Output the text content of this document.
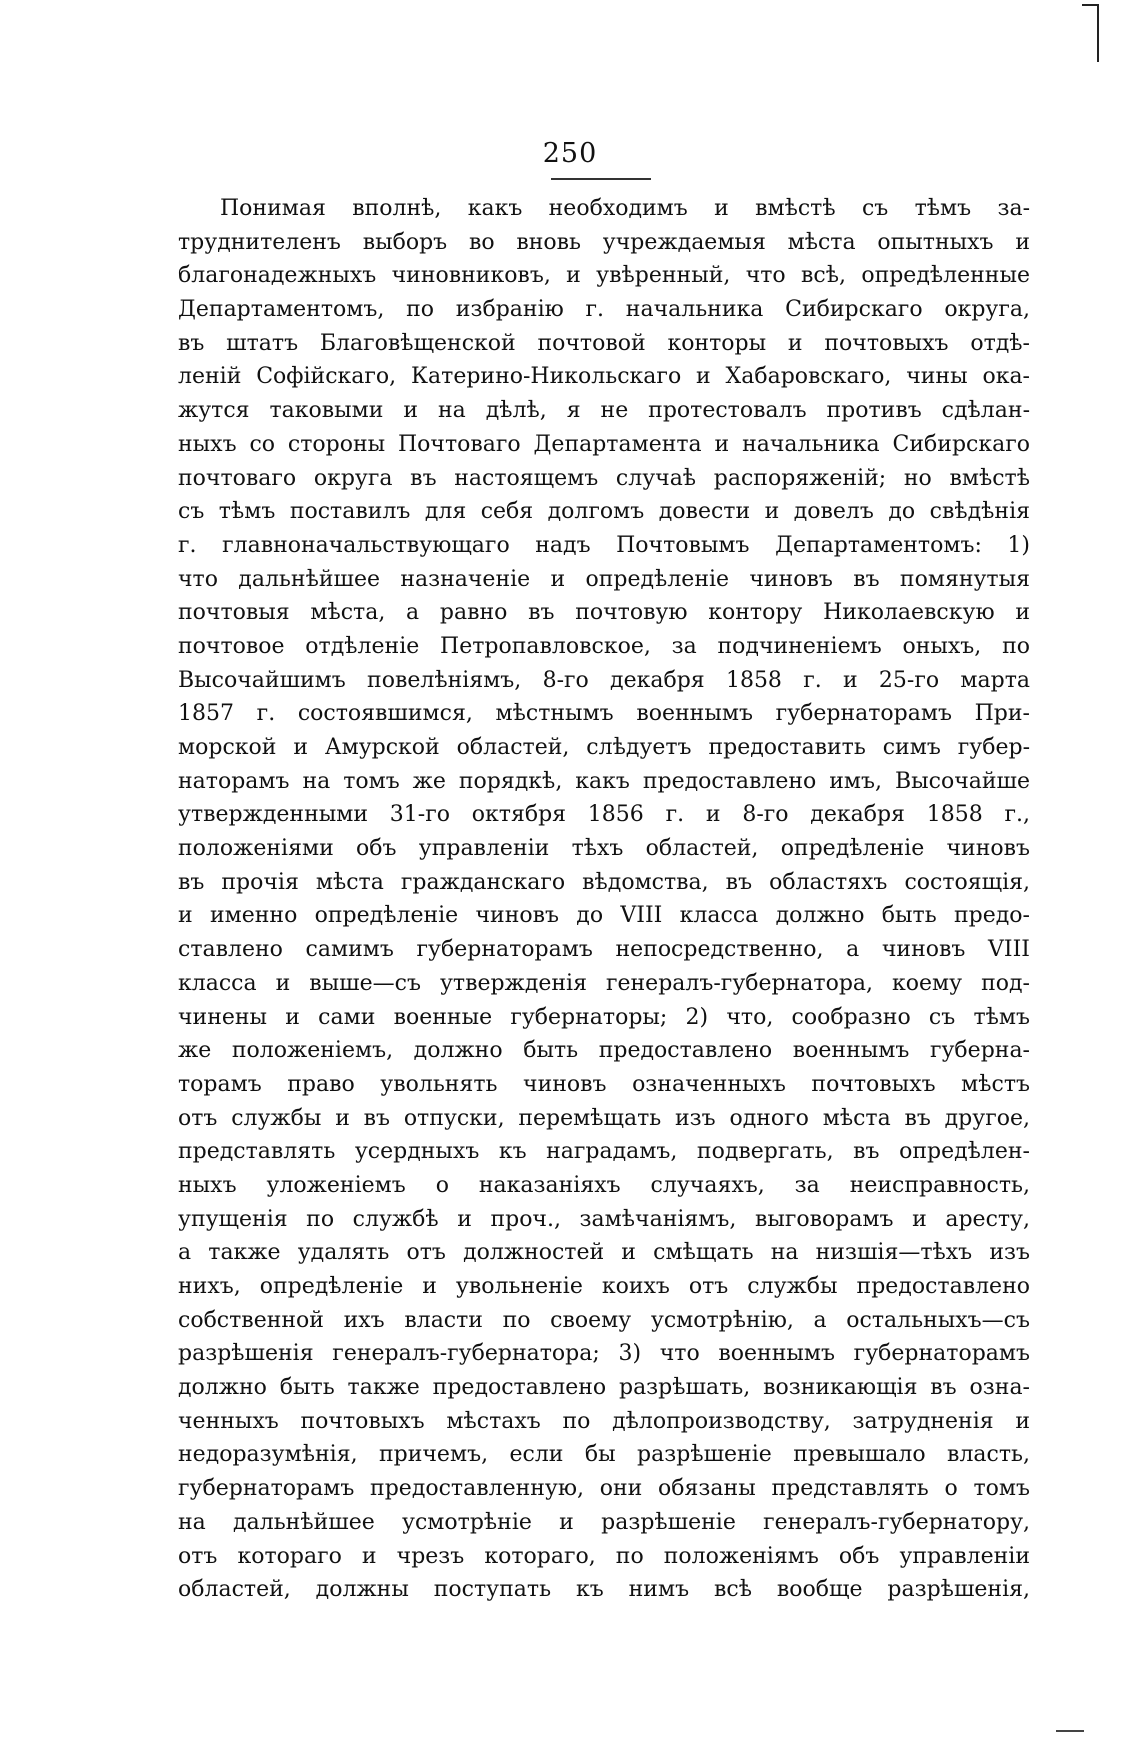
250
Понимая вполнѣ, какъ необходимъ и вмѣстѣ съ тѣмъ за-
труднителенъ выборъ во вновь учреждаемыя мѣста опытныхъ и
благонадежныхъ чиновниковъ, и увѣренный, что всѣ, опредѣленные
Департаментомъ, по избранію г. начальника Сибирскаго округа,
въ штатъ Благовѣщенской почтовой конторы и почтовыхъ отдѣ-
леній Софійскаго, Катерино-Никольскаго и Хабаровскаго, чины ока-
жутся таковыми и на дѣлѣ, я не протестовалъ противъ сдѣлан-
ныхъ со стороны Почтоваго Департамента и начальника Сибирскаго
почтоваго округа въ настоящемъ случаѣ распоряженій; но вмѣстѣ
съ тѣмъ поставилъ для себя долгомъ довести и довелъ до свѣдѣнія
г. главноначальствующаго надъ Почтовымъ Департаментомъ: 1)
что дальнѣйшее назначеніе и опредѣленіе чиновъ въ помянутыя
почтовыя мѣста, а равно въ почтовую контору Николаевскую и
почтовое отдѣленіе Петропавловское, за подчиненіемъ оныхъ, по
Высочайшимъ повелѣніямъ, 8-го декабря 1858 г. и 25-го марта
1857 г. состоявшимся, мѣстнымъ военнымъ губернаторамъ При-
морской и Амурской областей, слѣдуетъ предоставить симъ губер-
наторамъ на томъ же порядкѣ, какъ предоставлено имъ, Высочайше
утвержденными 31-го октября 1856 г. и 8-го декабря 1858 г.,
положеніями объ управленіи тѣхъ областей, опредѣленіе чиновъ
въ прочія мѣста гражданскаго вѣдомства, въ областяхъ состоящія,
и именно опредѣленіе чиновъ до VIII класса должно быть предо-
ставлено самимъ губернаторамъ непосредственно, а чиновъ VIII
класса и выше—съ утвержденія генералъ-губернатора, коему под-
чинены и сами военные губернаторы; 2) что, сообразно съ тѣмъ
же положеніемъ, должно быть предоставлено военнымъ губерна-
торамъ право увольнять чиновъ означенныхъ почтовыхъ мѣстъ
отъ службы и въ отпуски, перемѣщать изъ одного мѣста въ другое,
представлять усердныхъ къ наградамъ, подвергать, въ опредѣлен-
ныхъ уложеніемъ о наказаніяхъ случаяхъ, за неисправность,
упущенія по службѣ и проч., замѣчаніямъ, выговорамъ и аресту,
а также удалять отъ должностей и смѣщать на низшія—тѣхъ изъ
нихъ, опредѣленіе и увольненіе коихъ отъ службы предоставлено
собственной ихъ власти по своему усмотрѣнію, а остальныхъ—съ
разрѣшенія генералъ-губернатора; 3) что военнымъ губернаторамъ
должно быть также предоставлено разрѣшать, возникающія въ озна-
ченныхъ почтовыхъ мѣстахъ по дѣлопроизводству, затрудненія и
недоразумѣнія, причемъ, если бы разрѣшеніе превышало власть,
губернаторамъ предоставленную, они обязаны представлять о томъ
на дальнѣйшее усмотрѣніе и разрѣшеніе генералъ-губернатору,
отъ котораго и чрезъ котораго, по положеніямъ объ управленіи
областей, должны поступать къ нимъ всѣ вообще разрѣшенія,
